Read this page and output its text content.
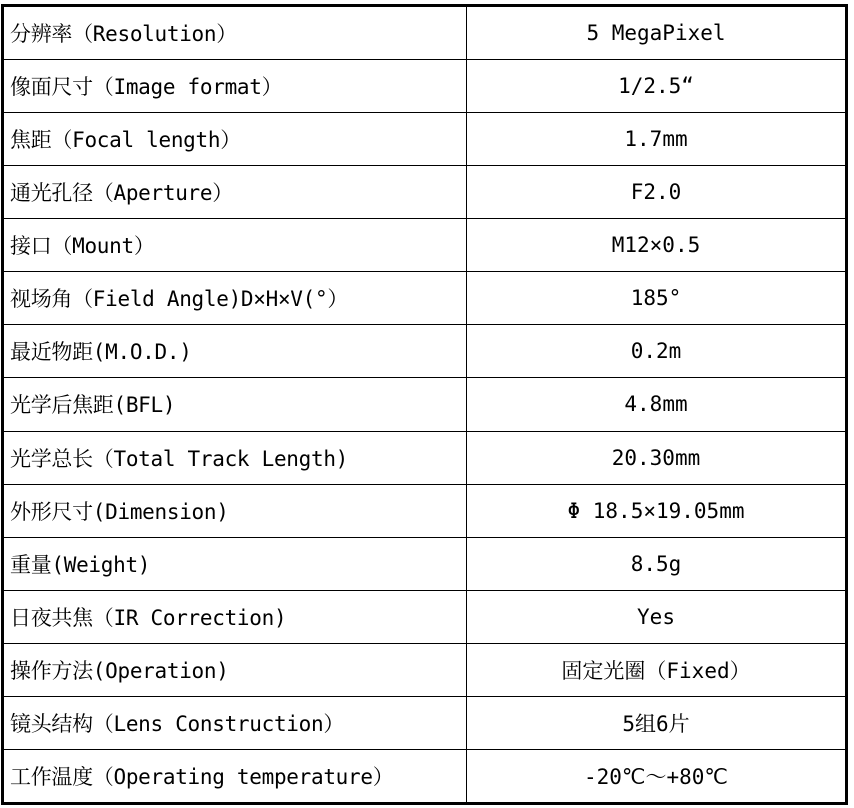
分辨率（Resolution）	5 MegaPixel
像面尺寸（Image format）	1/2.5“
焦距（Focal length）	1.7mm
通光孔径（Aperture）	F2.0
接口（Mount）	M12×0.5
视场角（Field Angle)D×H×V(°）	185°
最近物距(M.O.D.)	0.2m
光学后焦距(BFL)	4.8mm
光学总长（Total Track Length)	20.30mm
外形尺寸(Dimension)	Φ 18.5×19.05mm
重量(Weight)	8.5g
日夜共焦（IR Correction)	Yes
操作方法(Operation)	固定光圈（Fixed）
镜头结构（Lens Construction）	5组6片
工作温度（Operating temperature）	-20℃～+80℃
